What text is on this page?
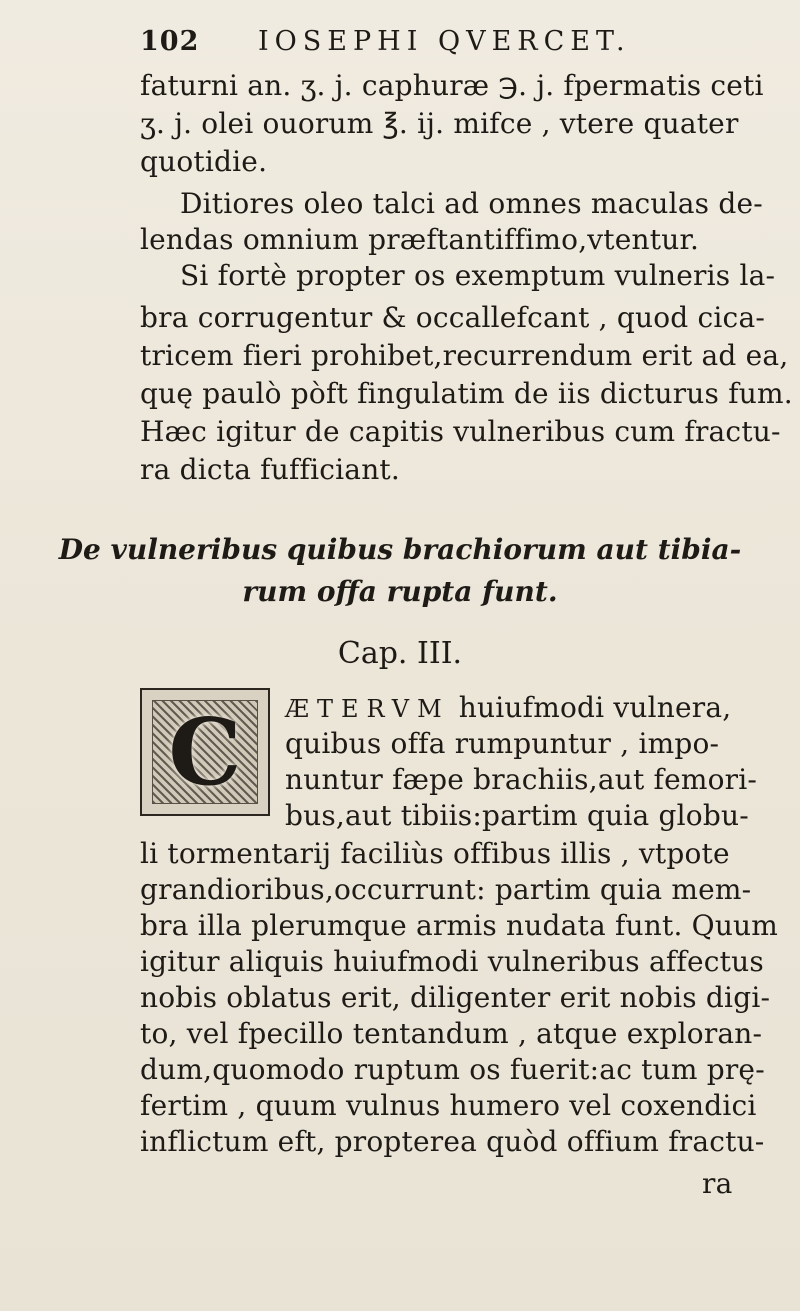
102 IOSEPHI QVERCET.
faturni an. ʒ. j. caphuræ ℈. j. fpermatis ceti
ʒ. j. olei ouorum ℥. ij. mifce , vtere quater
quotidie.
Ditiores oleo talci ad omnes maculas de-
lendas omnium præftantiffimo,vtentur.
Si fortè propter os exemptum vulneris la-
bra corrugentur & occallefcant , quod cica-
tricem fieri prohibet,recurrendum erit ad ea,
quę paulò pòft fingulatim de iis dicturus fum.
Hæc igitur de capitis vulneribus cum fractu-
ra dicta fufficiant.
De vulneribus quibus brachiorum aut tibia-
rum offa rupta funt.
Cap. III.
C	ÆTERVM huiufmodi vulnera,
quibus offa rumpuntur , impo-
nuntur fæpe brachiis,aut femori-
bus,aut tibiis:partim quia globu-
li tormentarij faciliùs offibus illis , vtpote
grandioribus,occurrunt: partim quia mem-
bra illa plerumque armis nudata funt. Quum
igitur aliquis huiufmodi vulneribus affectus
nobis oblatus erit, diligenter erit nobis digi-
to, vel fpecillo tentandum , atque exploran-
dum,quomodo ruptum os fuerit:ac tum prę-
fertim , quum vulnus humero vel coxendici
inflictum eft, propterea quòd offium fractu-
ra
